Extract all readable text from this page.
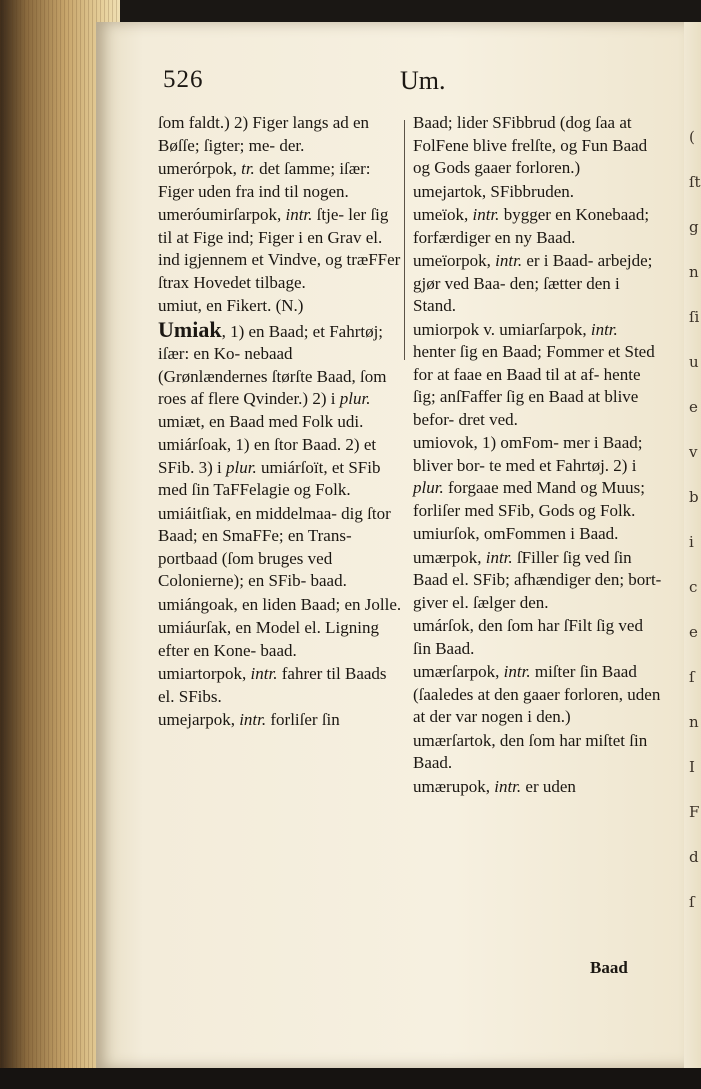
(
ſt
g
n
ſi
u
e
v
b
i
c
e
ſ
n
I
F
d
ſ
526	Um.
ſom faldt.) 2) Figer langs ad en Bøſſe; ſigter; me- der.
umerórpok, tr. det ſamme; iſær: Figer uden fra ind til nogen.
umeróumirſarpok, intr. ſtje- ler ſig til at Fige ind; Figer i en Grav el. ind igjennem et Vindve, og træFFer ſtrax Hovedet tilbage.
umiut, en Fikert. (N.)
Umiak, 1) en Baad; et Fahrtøj; iſær: en Ko- nebaad (Grønlændernes ſtørſte Baad, ſom roes af flere Qvinder.) 2) i plur. umiæt, en Baad med Folk udi.
umiárſoak, 1) en ſtor Baad. 2) et SFib. 3) i plur. umiárſoït, et SFib med ſin TaFFelagie og Folk.
umiáitſiak, en middelmaa- dig ſtor Baad; en SmaFFe; en Trans- portbaad (ſom bruges ved Colonierne); en SFib- baad.
umiángoak, en liden Baad; en Jolle.
umiáurſak, en Model el. Ligning efter en Kone- baad.
umiartorpok, intr. fahrer til Baads el. SFibs.
umejarpok, intr. forliſer ſin
Baad; lider SFibbrud (dog ſaa at FolFene blive frelſte, og Fun Baad og Gods gaaer forloren.)
umejartok, SFibbruden.
umeïok, intr. bygger en Konebaad; forfærdiger en ny Baad.
umeïorpok, intr. er i Baad- arbejde; gjør ved Baa- den; ſætter den i Stand.
umiorpok v. umiarſarpok, intr. henter ſig en Baad; Fommer et Sted for at faae en Baad til at af- hente ſig; anſFaffer ſig en Baad at blive befor- dret ved.
umiovok, 1) omFom- mer i Baad; bliver bor- te med et Fahrtøj. 2) i plur. forgaae med Mand og Muus; forliſer med SFib, Gods og Folk.
umiurſok, omFommen i Baad.
umærpok, intr. ſFiller ſig ved ſin Baad el. SFib; afhændiger den; bort- giver el. ſælger den.
umárſok, den ſom har ſFilt ſig ved ſin Baad.
umærſarpok, intr. miſter ſin Baad (ſaaledes at den gaaer forloren, uden at der var nogen i den.)
umærſartok, den ſom har miſtet ſin Baad.
umærupok, intr. er uden
Baad
